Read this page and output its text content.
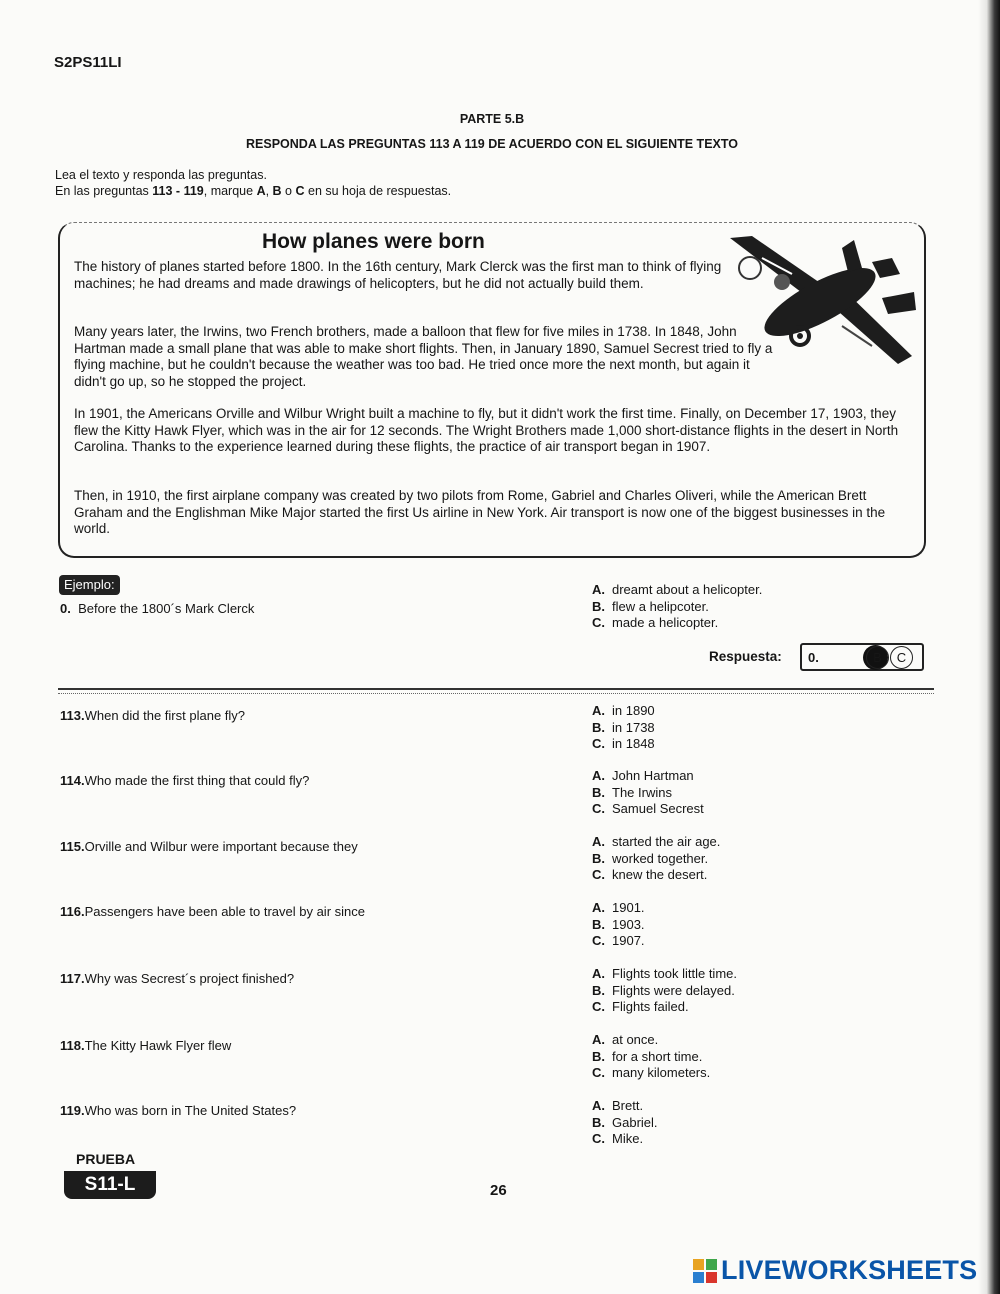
S2PS11LI
PARTE 5.B
RESPONDA LAS PREGUNTAS 113 A 119 DE ACUERDO CON EL SIGUIENTE TEXTO
Lea el texto y responda las preguntas.
En las preguntas 113 - 119, marque A, B o C en su hoja de respuestas.
How planes were born
The history of planes started before 1800. In the 16th century, Mark Clerck was the first man to think of flying machines; he had dreams and made drawings of helicopters, but he did not actually build them.
Many years later, the Irwins, two French brothers, made a balloon that flew for five miles in 1738. In 1848, John Hartman made a small plane that was able to make short flights. Then, in January 1890, Samuel Secrest tried to fly a flying machine, but he couldn't because the weather was too bad. He tried once more the next month, but again it didn't go up, so he stopped the project.
In 1901, the Americans Orville and Wilbur Wright built a machine to fly, but it didn't work the first time. Finally, on December 17, 1903, they flew the Kitty Hawk Flyer, which was in the air for 12 seconds. The Wright Brothers made 1,000 short-distance flights in the desert in North Carolina. Thanks to the experience learned during these flights, the practice of air transport began in 1907.
Then, in 1910, the first airplane company was created by two pilots from Rome, Gabriel and Charles Oliveri, while the American Brett Graham and the Englishman Mike Major started the first Us airline in New York. Air transport is now one of the biggest businesses in the world.
Ejemplo:
0. Before the 1800´s Mark Clerck
A. dreamt about a helicopter.
B. flew a helipcoter.
C. made a helicopter.
Respuesta: 0.	B	C
113.When did the first plane fly?	A. in 1890
B. in 1738
C. in 1848
114.Who made the first thing that could fly?	A. John Hartman
B. The Irwins
C. Samuel Secrest
115.Orville and Wilbur were important because they	A. started the air age.
B. worked together.
C. knew the desert.
116.Passengers have been able to travel by air since	A. 1901.
B. 1903.
C. 1907.
117.Why was Secrest´s project finished?	A. Flights took little time.
B. Flights were delayed.
C. Flights failed.
118.The Kitty Hawk Flyer flew	A. at once.
B. for a short time.
C. many kilometers.
119.Who was born in The United States?	A. Brett.
B. Gabriel.
C. Mike.
PRUEBA
S11-L	26
LIVEWORKSHEETS
